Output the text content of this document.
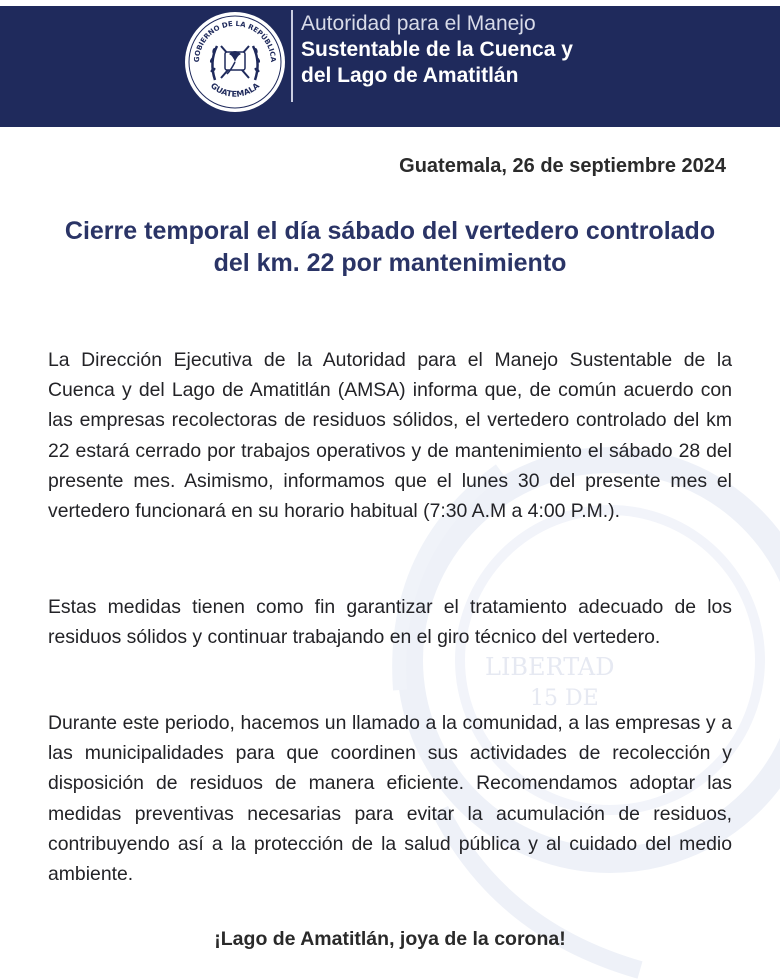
GOBIERNO DE LA REPÚBLICA
GUATEMALA
Autoridad para el Manejo
Sustentable de la Cuenca y
del Lago de Amatitlán
LIBERTAD
15 DE
Guatemala, 26 de septiembre 2024
Cierre temporal el día sábado del vertedero controlado del km. 22 por mantenimiento
La Dirección Ejecutiva de la Autoridad para el Manejo Sustentable de la Cuenca y del Lago de Amatitlán (AMSA) informa que, de común acuerdo con las empresas recolectoras de residuos sólidos, el vertedero controlado del km 22 estará cerrado por trabajos operativos y de mantenimiento el sábado 28 del presente mes. Asimismo, informamos que el lunes 30 del presente mes el vertedero funcionará en su horario habitual (7:30 A.M a 4:00 P.M.).
Estas medidas tienen como fin garantizar el tratamiento adecuado de los residuos sólidos y continuar trabajando en el giro técnico del vertedero.
Durante este periodo, hacemos un llamado a la comunidad, a las empresas y a las municipalidades para que coordinen sus actividades de recolección y disposición de residuos de manera eficiente. Recomendamos adoptar las medidas preventivas necesarias para evitar la acumulación de residuos, contribuyendo así a la protección de la salud pública y al cuidado del medio ambiente.
¡Lago de Amatitlán, joya de la corona!
